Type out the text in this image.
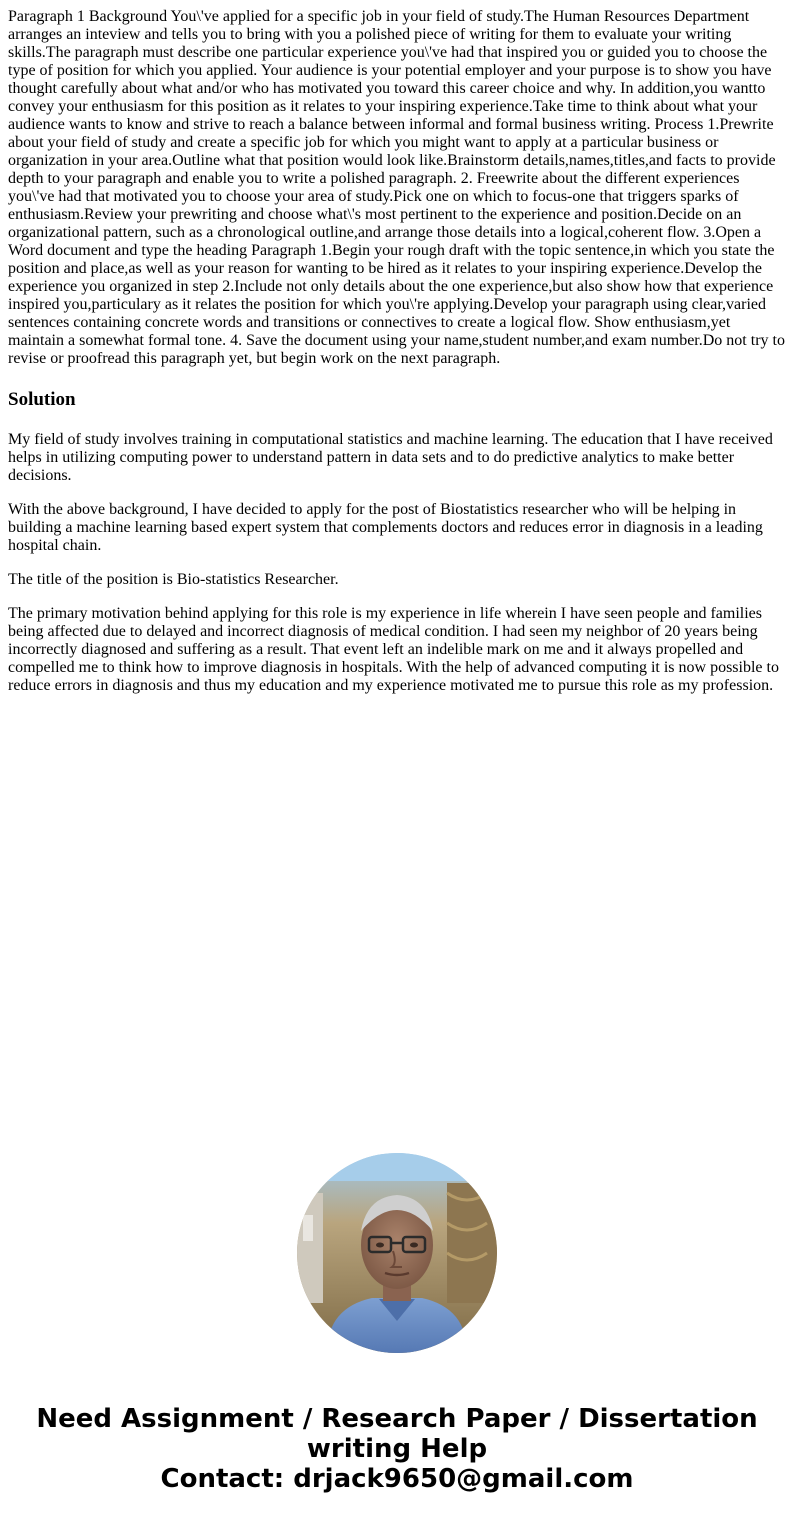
Paragraph 1 Background You\'ve applied for a specific job in your field of study.The Human Resources Department arranges an inteview and tells you to bring with you a polished piece of writing for them to evaluate your writing skills.The paragraph must describe one particular experience you\'ve had that inspired you or guided you to choose the type of position for which you applied. Your audience is your potential employer and your purpose is to show you have thought carefully about what and/or who has motivated you toward this career choice and why. In addition,you wantto convey your enthusiasm for this position as it relates to your inspiring experience.Take time to think about what your audience wants to know and strive to reach a balance between informal and formal business writing. Process 1.Prewrite about your field of study and create a specific job for which you might want to apply at a particular business or organization in your area.Outline what that position would look like.Brainstorm details,names,titles,and facts to provide depth to your paragraph and enable you to write a polished paragraph. 2. Freewrite about the different experiences you\'ve had that motivated you to choose your area of study.Pick one on which to focus-one that triggers sparks of enthusiasm.Review your prewriting and choose what\'s most pertinent to the experience and position.Decide on an organizational pattern, such as a chronological outline,and arrange those details into a logical,coherent flow. 3.Open a Word document and type the heading Paragraph 1.Begin your rough draft with the topic sentence,in which you state the position and place,as well as your reason for wanting to be hired as it relates to your inspiring experience.Develop the experience you organized in step 2.Include not only details about the one experience,but also show how that experience inspired you,particulary as it relates the position for which you\'re applying.Develop your paragraph using clear,varied sentences containing concrete words and transitions or connectives to create a logical flow. Show enthusiasm,yet maintain a somewhat formal tone. 4. Save the document using your name,student number,and exam number.Do not try to revise or proofread this paragraph yet, but begin work on the next paragraph.

Solution

My field of study involves training in computational statistics and machine learning. The education that I have received helps in utilizing computing power to understand pattern in data sets and to do predictive analytics to make better decisions.

With the above background, I have decided to apply for the post of Biostatistics researcher who will be helping in building a machine learning based expert system that complements doctors and reduces error in diagnosis in a leading hospital chain.

The title of the position is Bio-statistics Researcher.

The primary motivation behind applying for this role is my experience in life wherein I have seen people and families being affected due to delayed and incorrect diagnosis of medical condition. I had seen my neighbor of 20 years being incorrectly diagnosed and suffering as a result. That event left an indelible mark on me and it always propelled and compelled me to think how to improve diagnosis in hospitals. With the help of advanced computing it is now possible to reduce errors in diagnosis and thus my education and my experience motivated me to pursue this role as my profession.

Need Assignment / Research Paper / Dissertation
writing Help
Contact: drjack9650@gmail.com
